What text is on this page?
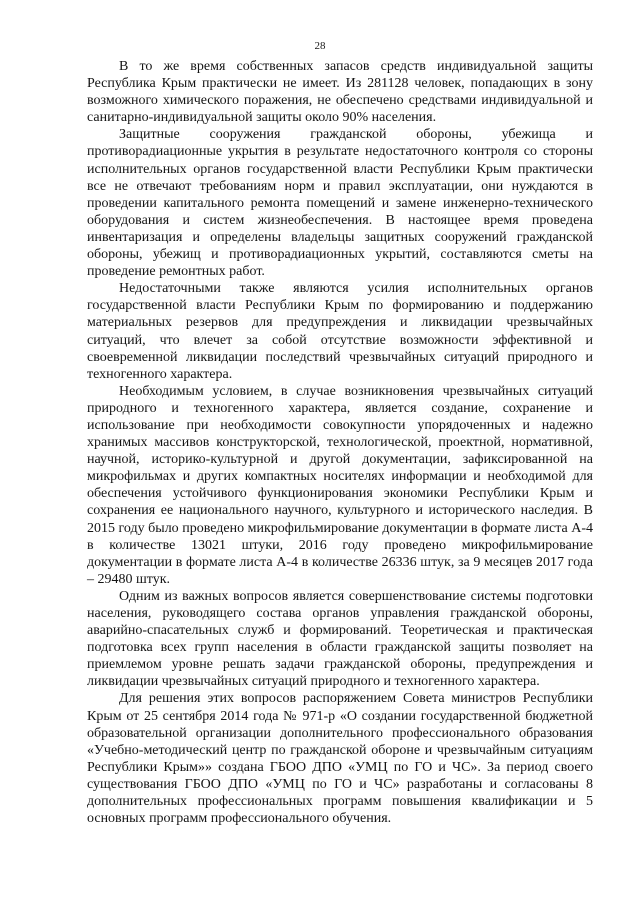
28

В то же время собственных запасов средств индивидуальной защиты Республика Крым практически не имеет. Из 281128 человек, попадающих в зону возможного химического поражения, не обеспечено средствами индивидуальной и санитарно-индивидуальной защиты около 90% населения.

Защитные сооружения гражданской обороны, убежища и противорадиационные укрытия в результате недостаточного контроля со стороны исполнительных органов государственной власти Республики Крым практически все не отвечают требованиям норм и правил эксплуатации, они нуждаются в проведении капитального ремонта помещений и замене инженерно-технического оборудования и систем жизнеобеспечения. В настоящее время проведена инвентаризация и определены владельцы защитных сооружений гражданской обороны, убежищ и противорадиационных укрытий, составляются сметы на проведение ремонтных работ.

Недостаточными также являются усилия исполнительных органов государственной власти Республики Крым по формированию и поддержанию материальных резервов для предупреждения и ликвидации чрезвычайных ситуаций, что влечет за собой отсутствие возможности эффективной и своевременной ликвидации последствий чрезвычайных ситуаций природного и техногенного характера.

Необходимым условием, в случае возникновения чрезвычайных ситуаций природного и техногенного характера, является создание, сохранение и использование при необходимости совокупности упорядоченных и надежно хранимых массивов конструкторской, технологической, проектной, нормативной, научной, историко-культурной и другой документации, зафиксированной на микрофильмах и других компактных носителях информации и необходимой для обеспечения устойчивого функционирования экономики Республики Крым и сохранения ее национального научного, культурного и исторического наследия. В 2015 году было проведено микрофильмирование документации в формате листа А-4 в количестве 13021 штуки, 2016 году проведено микрофильмирование документации в формате листа А-4 в количестве 26336 штук, за 9 месяцев 2017 года – 29480 штук.

Одним из важных вопросов является совершенствование системы подготовки населения, руководящего состава органов управления гражданской обороны, аварийно-спасательных служб и формирований. Теоретическая и практическая подготовка всех групп населения в области гражданской защиты позволяет на приемлемом уровне решать задачи гражданской обороны, предупреждения и ликвидации чрезвычайных ситуаций природного и техногенного характера.

Для решения этих вопросов распоряжением Совета министров Республики Крым от 25 сентября 2014 года № 971-р «О создании государственной бюджетной образовательной организации дополнительного профессионального образования «Учебно-методический центр по гражданской обороне и чрезвычайным ситуациям Республики Крым»» создана ГБОО ДПО «УМЦ по ГО и ЧС». За период своего существования ГБОО ДПО «УМЦ по ГО и ЧС» разработаны и согласованы 8 дополнительных профессиональных программ повышения квалификации и 5 основных программ профессионального обучения.
